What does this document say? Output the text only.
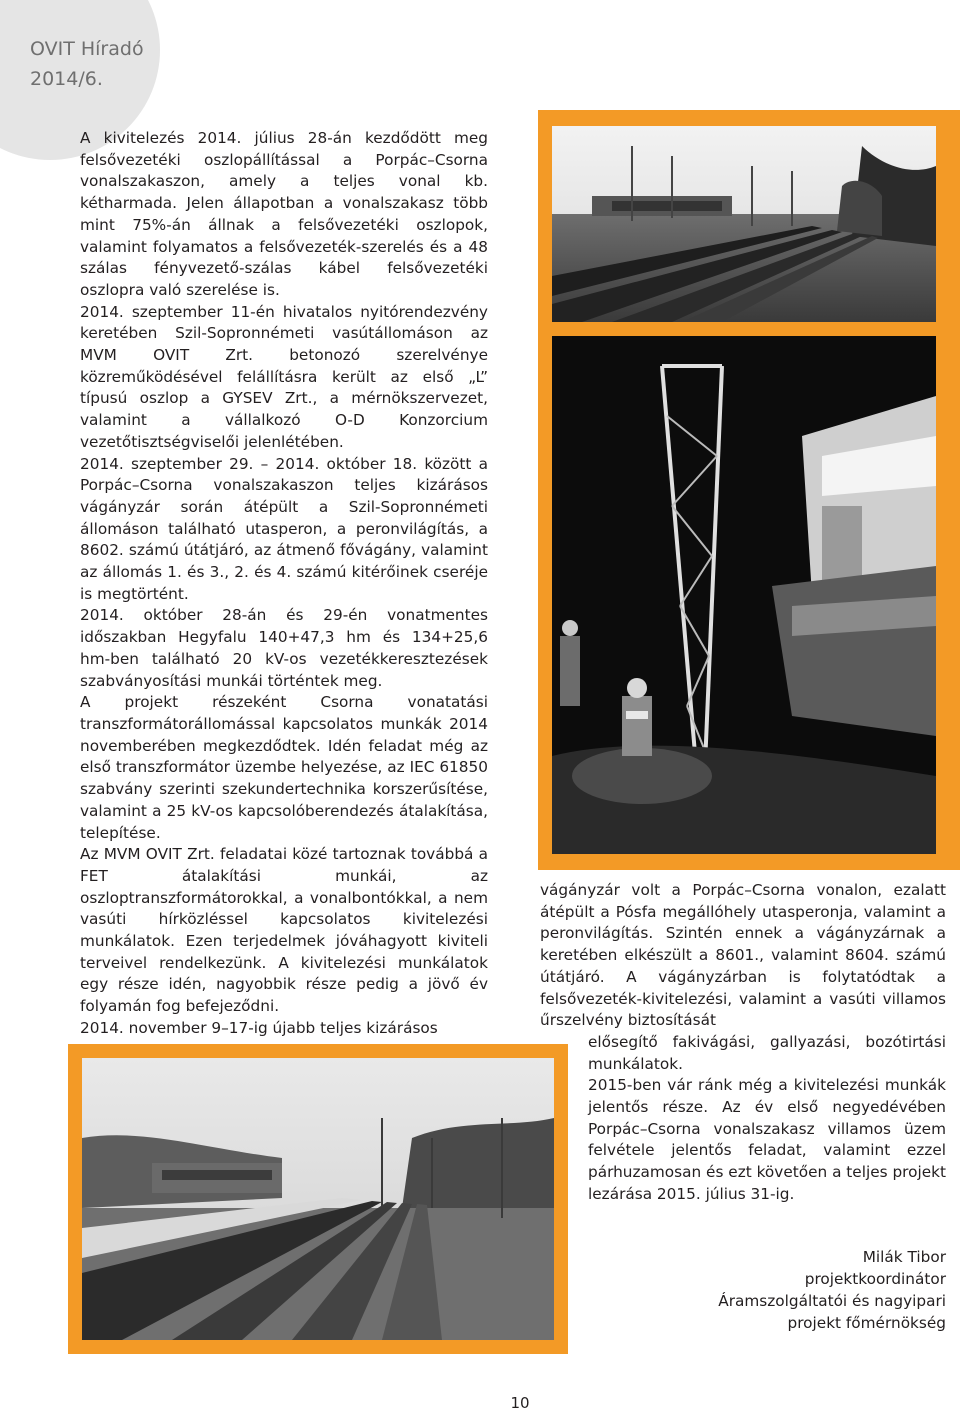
OVIT Híradó
2014/6.

A kivitelezés 2014. július 28-án kezdődött meg felsővezetéki oszlopállítással a Porpác–Csorna vonalszakaszon, amely a teljes vonal kb. kétharmada. Jelen állapotban a vonalszakasz több mint 75%-án állnak a felsővezetéki oszlopok, valamint folyamatos a felsővezeték-szerelés és a 48 szálas fényvezető-szálas kábel felsővezetéki oszlopra való szerelése is.

2014. szeptember 11-én hivatalos nyitórendezvény keretében Szil-Sopronnémeti vasútállomáson az MVM OVIT Zrt. betonozó szerelvénye közreműködésével felállításra került az első „L” típusú oszlop a GYSEV Zrt., a mérnökszervezet, valamint a vállalkozó O-D Konzorcium vezetőtisztségviselői jelenlétében.

2014. szeptember 29. – 2014. október 18. között a Porpác–Csorna vonalszakaszon teljes kizárásos vágányzár során átépült a Szil-Sopronnémeti állomáson található utasperon, a peronvilágítás, a 8602. számú útátjáró, az átmenő fővágány, valamint az állomás 1. és 3., 2. és 4. számú kitérőinek cseréje is megtörtént.

2014. október 28-án és 29-én vonatmentes időszakban Hegyfalu 140+47,3 hm és 134+25,6 hm-ben található 20 kV-os vezetékkeresztezések szabványosítási munkái történtek meg.

A projekt részeként Csorna vonatatási transzformátorállomással kapcsolatos munkák 2014 novemberében megkezdődtek. Idén feladat még az első transzformátor üzembe helyezése, az IEC 61850 szabvány szerinti szekundertechnika korszerűsítése, valamint a 25 kV-os kapcsolóberendezés átalakítása, telepítése.

Az MVM OVIT Zrt. feladatai közé tartoznak továbbá a FET átalakítási munkái, az oszloptranszformátorokkal, a vonalbontókkal, a nem vasúti hírközléssel kapcsolatos kivitelezési munkálatok. Ezen terjedelmek jóváhagyott kiviteli terveivel rendelkezünk. A kivitelezési munkálatok egy része idén, nagyobbik része pedig a jövő év folyamán fog befejeződni.

2014. november 9–17-ig újabb teljes kizárásos

vágányzár volt a Porpác–Csorna vonalon, ezalatt átépült a Pósfa megállóhely utasperonja, valamint a peronvilágítás. Szintén ennek a vágányzárnak a keretében elkészült a 8601., valamint 8604. számú útátjáró. A vágányzárban is folytatódtak a felsővezeték-kivitelezési, valamint a vasúti villamos űrszelvény biztosítását

elősegítő fakivágási, gallyazási, bozótirtási munkálatok.

2015-ben vár ránk még a kivitelezési munkák jelentős része. Az év első negyedévében Porpác–Csorna vonalszakasz villamos üzem felvétele jelentős feladat, valamint ezzel párhuzamosan és ezt követően a teljes projekt lezárása 2015. július 31-ig.

Milák Tibor
projektkoordinátor
Áramszolgáltatói és nagyipari
projekt főmérnökség
10
